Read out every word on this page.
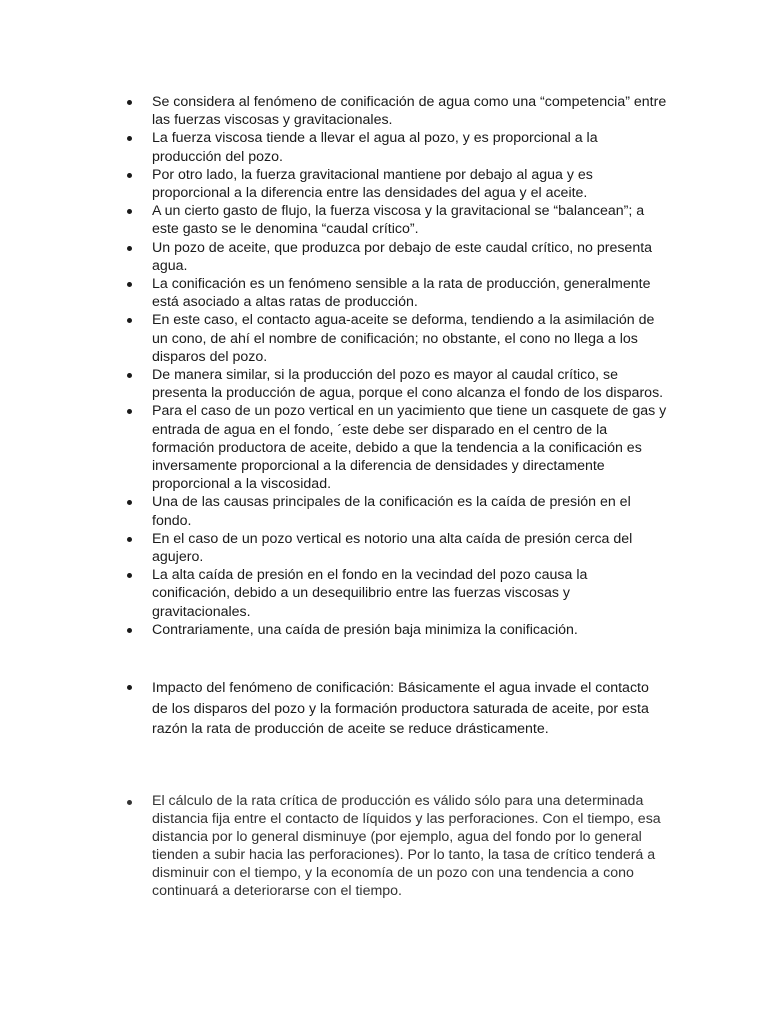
Se considera al fenómeno de conificación de agua como una “competencia” entre las fuerzas viscosas y gravitacionales.
La fuerza viscosa tiende a llevar el agua al pozo, y es proporcional a la producción del pozo.
Por otro lado, la fuerza gravitacional mantiene por debajo al agua y es proporcional a la diferencia entre las densidades del agua y el aceite.
A un cierto gasto de flujo, la fuerza viscosa y la gravitacional se “balancean”; a este gasto se le denomina “caudal crítico”.
Un pozo de aceite, que produzca por debajo de este caudal crítico, no presenta agua.
La conificación es un fenómeno sensible a la rata de producción, generalmente está asociado a altas ratas de producción.
En este caso, el contacto agua-aceite se deforma, tendiendo a la asimilación de un cono, de ahí el nombre de conificación; no obstante, el cono no llega a los disparos del pozo.
De manera similar, si la producción del pozo es mayor al caudal crítico, se presenta la producción de agua, porque el cono alcanza el fondo de los disparos.
Para el caso de un pozo vertical en un yacimiento que tiene un casquete de gas y entrada de agua en el fondo, ´este debe ser disparado en el centro de la formación productora de aceite, debido a que la tendencia a la conificación es inversamente proporcional a la diferencia de densidades y directamente proporcional a la viscosidad.
Una de las causas principales de la conificación es la caída de presión en el fondo.
En el caso de un pozo vertical es notorio una alta caída de presión cerca del agujero.
La alta caída de presión en el fondo en la vecindad del pozo causa la conificación, debido a un desequilibrio entre las fuerzas viscosas y gravitacionales.
Contrariamente, una caída de presión baja minimiza la conificación.
Impacto del fenómeno de conificación: Básicamente el agua invade el contacto de los disparos del pozo y la formación productora saturada de aceite, por esta razón la rata de producción de aceite se reduce drásticamente.
El cálculo de la rata crítica de producción es válido sólo para una determinada distancia fija entre el contacto de líquidos y las perforaciones. Con el tiempo, esa distancia por lo general disminuye (por ejemplo, agua del fondo por lo general tienden a subir hacia las perforaciones). Por lo tanto, la tasa de crítico tenderá a disminuir con el tiempo, y la economía de un pozo con una tendencia a cono continuará a deteriorarse con el tiempo.
